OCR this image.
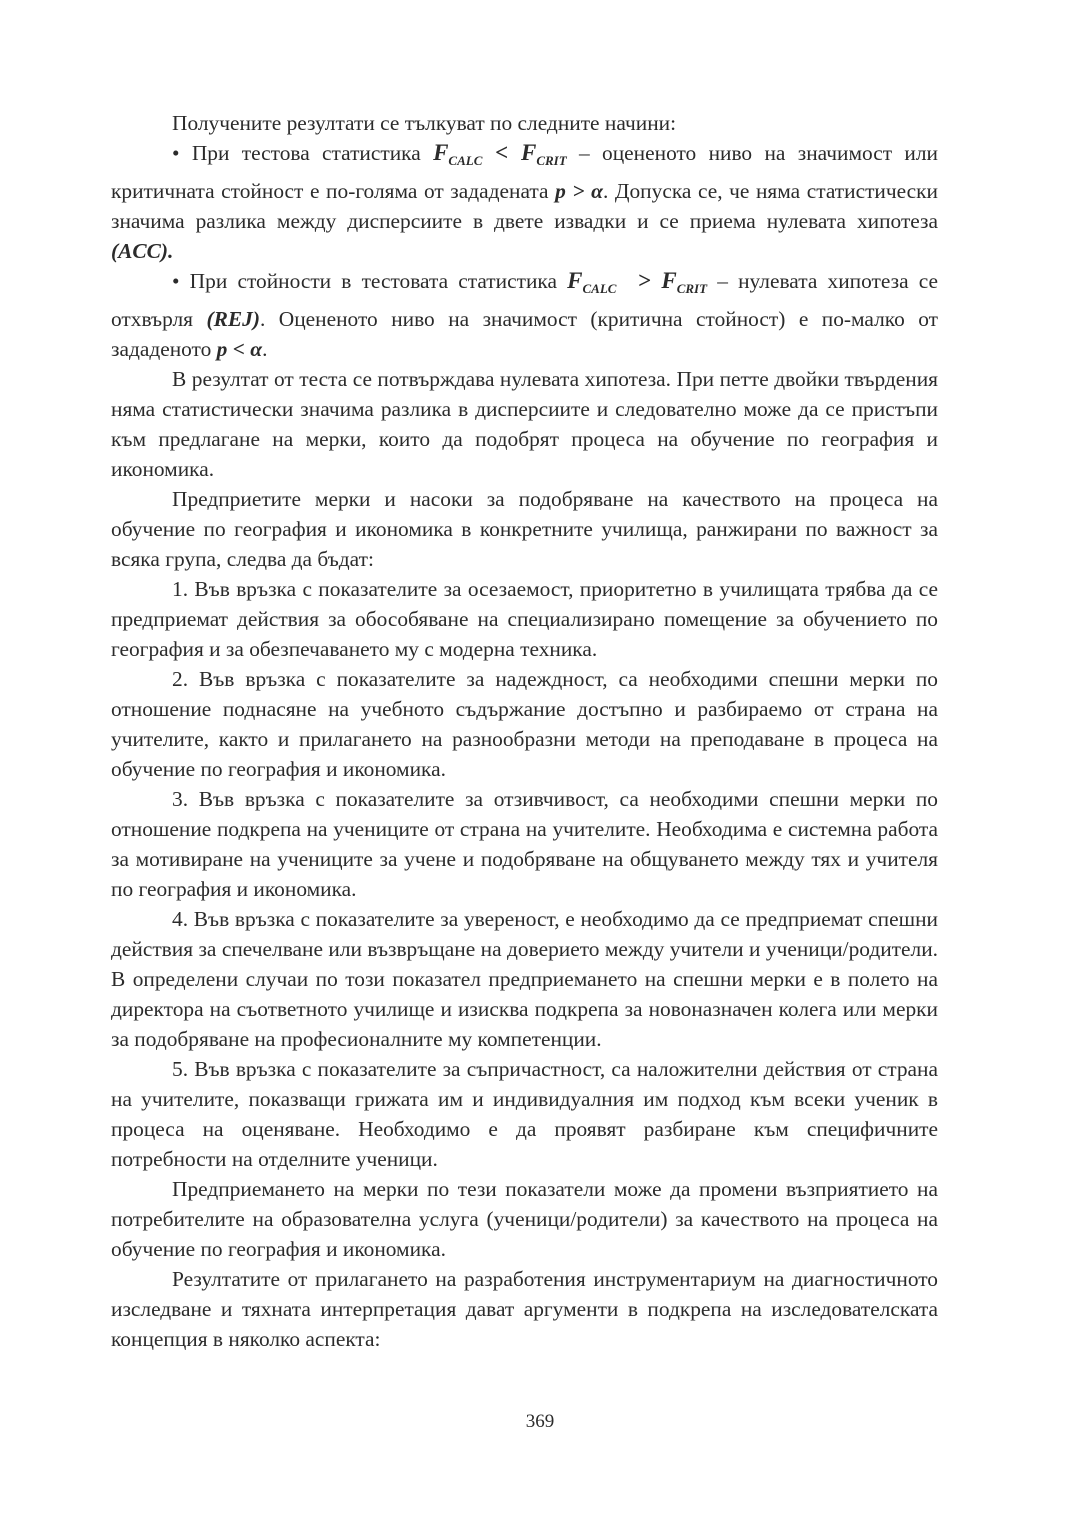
Получените резултати се тълкуват по следните начини:

• При тестова статистика $F_{CALC} < F_{CRIT}$ – оцененото ниво на значимост или критичната стойност е по-голяма от зададената p > α. Допуска се, че няма статистически значима разлика между дисперсиите в двете извадки и се приема нулевата хипотеза (ACC).

• При стойности в тестовата статистика $F_{CALC} > F_{CRIT}$ – нулевата хипотеза се отхвърля (REJ). Оцененото ниво на значимост (критична стойност) е по-малко от зададеното p < α.

В резултат от теста се потвърждава нулевата хипотеза. При петте двойки твърдения няма статистически значима разлика в дисперсиите и следователно може да се пристъпи към предлагане на мерки, които да подобрят процеса на обучение по география и икономика.

Предприетите мерки и насоки за подобряване на качеството на процеса на обучение по география и икономика в конкретните училища, ранжирани по важност за всяка група, следва да бъдат:

1. Във връзка с показателите за осезаемост, приоритетно в училищата трябва да се предприемат действия за обособяване на специализирано помещение за обучението по география и за обезпечаването му с модерна техника.

2. Във връзка с показателите за надеждност, са необходими спешни мерки по отношение поднасяне на учебното съдържание достъпно и разбираемо от страна на учителите, както и прилагането на разнообразни методи на преподаване в процеса на обучение по география и икономика.

3. Във връзка с показателите за отзивчивост, са необходими спешни мерки по отношение подкрепа на учениците от страна на учителите. Необходима е системна работа за мотивиране на учениците за учене и подобряване на общуването между тях и учителя по география и икономика.

4. Във връзка с показателите за увереност, е необходимо да се предприемат спешни действия за спечелване или възвръщане на доверието между учители и ученици/родители. В определени случаи по този показател предприемането на спешни мерки е в полето на директора на съответното училище и изисква подкрепа за новоназначен колега или мерки за подобряване на професионалните му компетенции.

5. Във връзка с показателите за съпричастност, са наложителни действия от страна на учителите, показващи грижата им и индивидуалния им подход към всеки ученик в процеса на оценяване. Необходимо е да проявят разбиране към специфичните потребности на отделните ученици.

Предприемането на мерки по тези показатели може да промени възприятието на потребителите на образователна услуга (ученици/родители) за качеството на процеса на обучение по география и икономика.

Резултатите от прилагането на разработения инструментариум на диагностичното изследване и тяхната интерпретация дават аргументи в подкрепа на изследователската концепция в няколко аспекта:

369
